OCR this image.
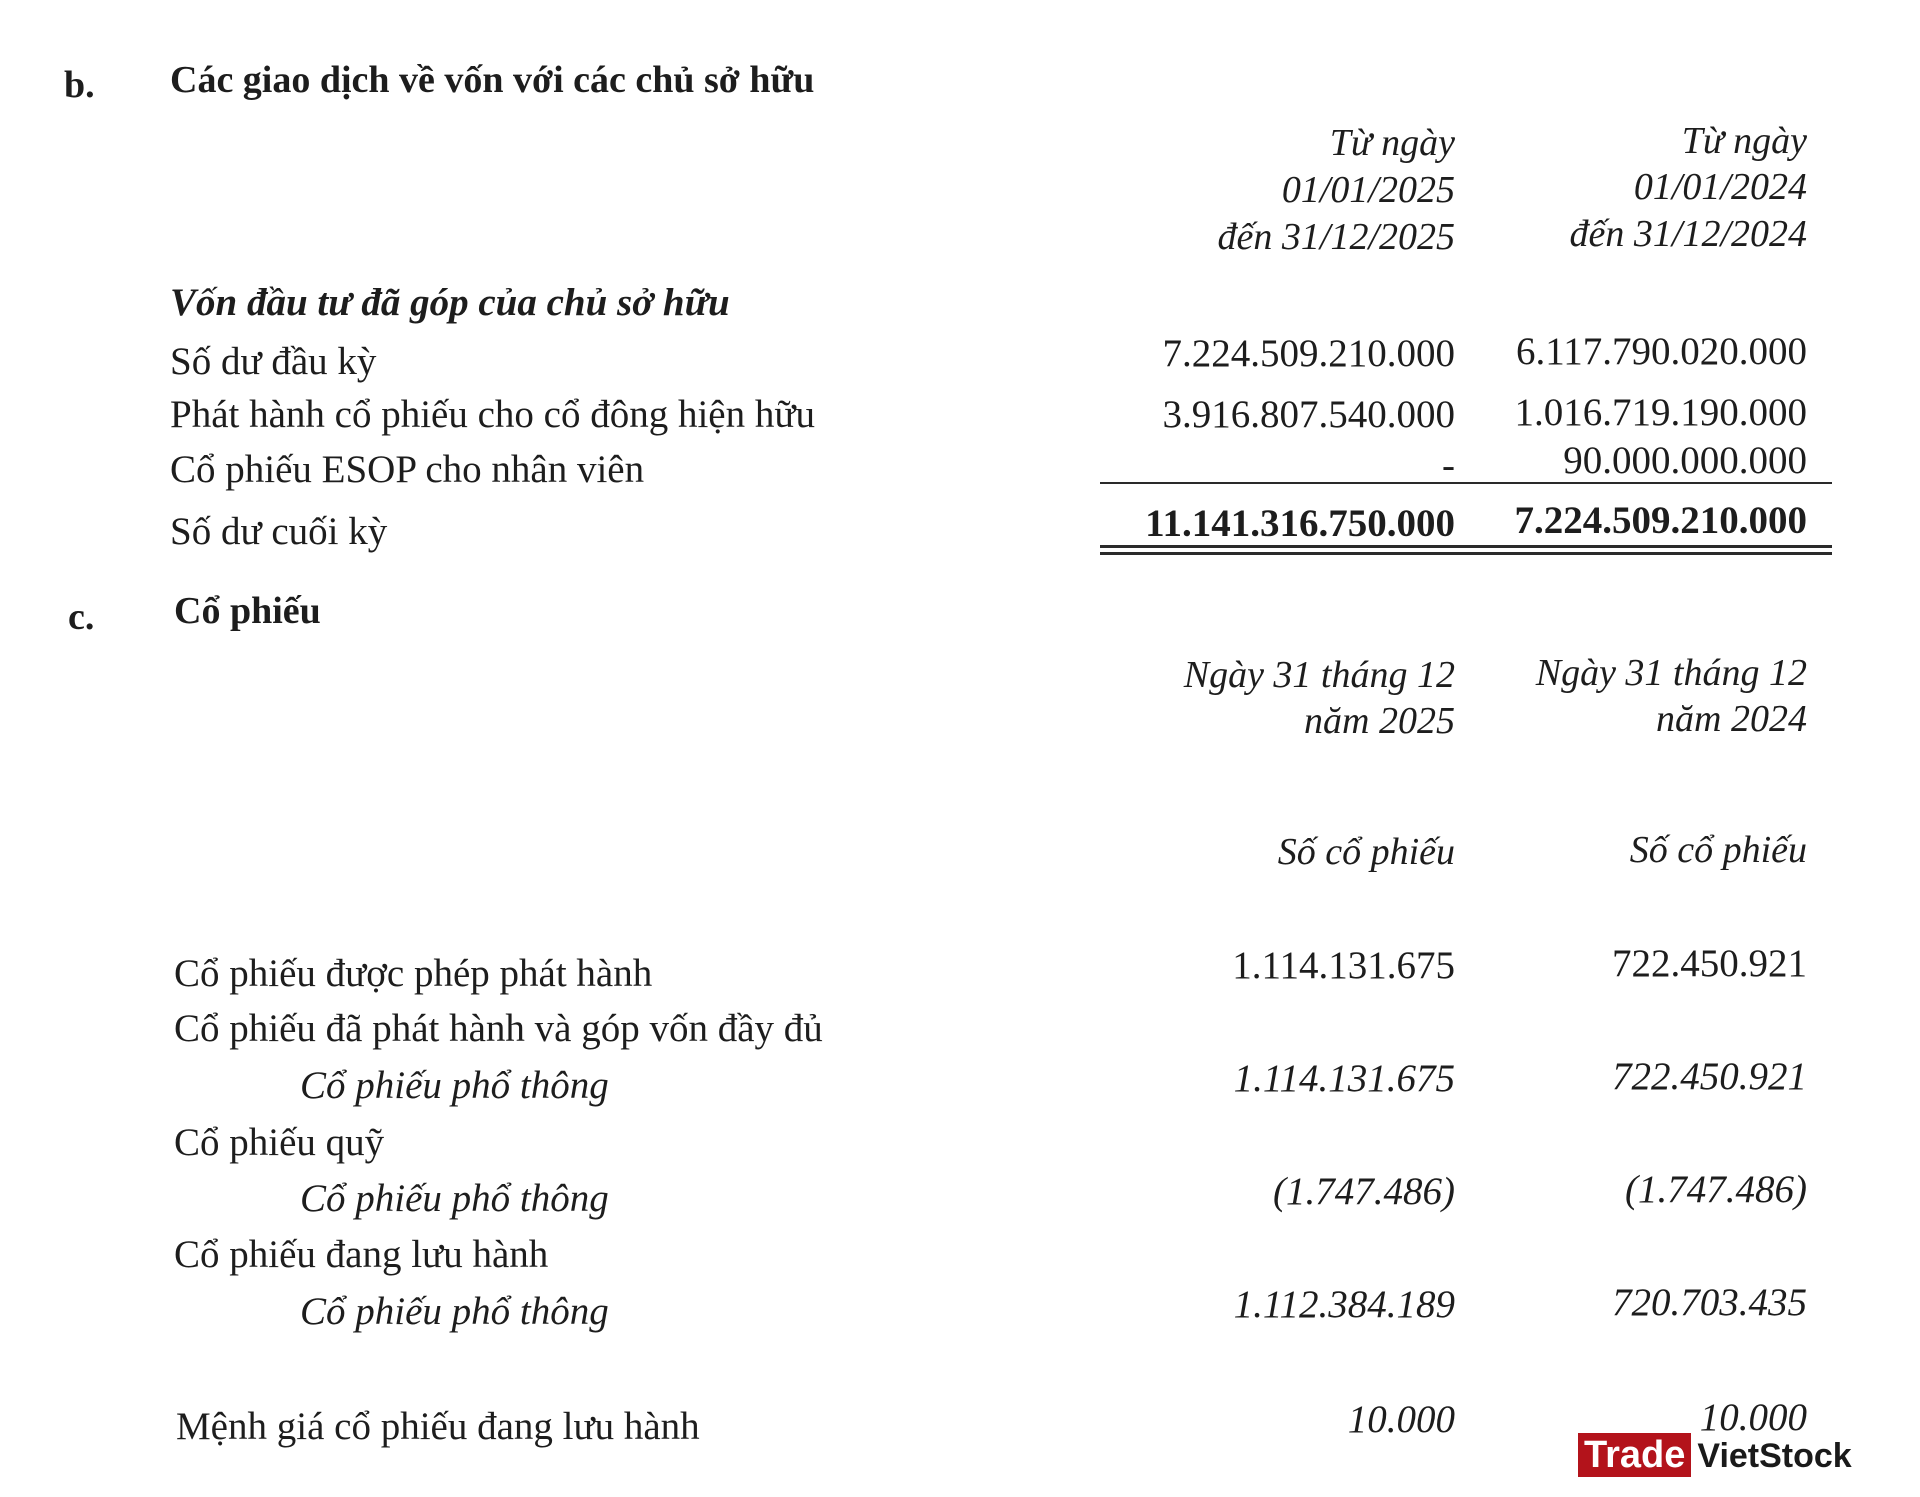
b. Các giao dịch về vốn với các chủ sở hữu
Từ ngày
01/01/2025
đến 31/12/2025
Từ ngày
01/01/2024
đến 31/12/2024
Vốn đầu tư đã góp của chủ sở hữu
Số dư đầu kỳ	7.224.509.210.000 6.117.790.020.000
Phát hành cổ phiếu cho cổ đông hiện hữu	3.916.807.540.000 1.016.719.190.000
Cổ phiếu ESOP cho nhân viên	-	90.000.000.000
Số dư cuối kỳ	11.141.316.750.000 7.224.509.210.000
c. Cổ phiếu
Ngày 31 tháng 12
năm 2025
Ngày 31 tháng 12
năm 2024
Số cổ phiếu	Số cổ phiếu
Cổ phiếu được phép phát hành	1.114.131.675	722.450.921
Cổ phiếu đã phát hành và góp vốn đầy đủ
Cổ phiếu phổ thông	1.114.131.675	722.450.921
Cổ phiếu quỹ
Cổ phiếu phổ thông	(1.747.486)	(1.747.486)
Cổ phiếu đang lưu hành
Cổ phiếu phổ thông	1.112.384.189	720.703.435
Mệnh giá cổ phiếu đang lưu hành	10.000	10.000
Trade VietStock
